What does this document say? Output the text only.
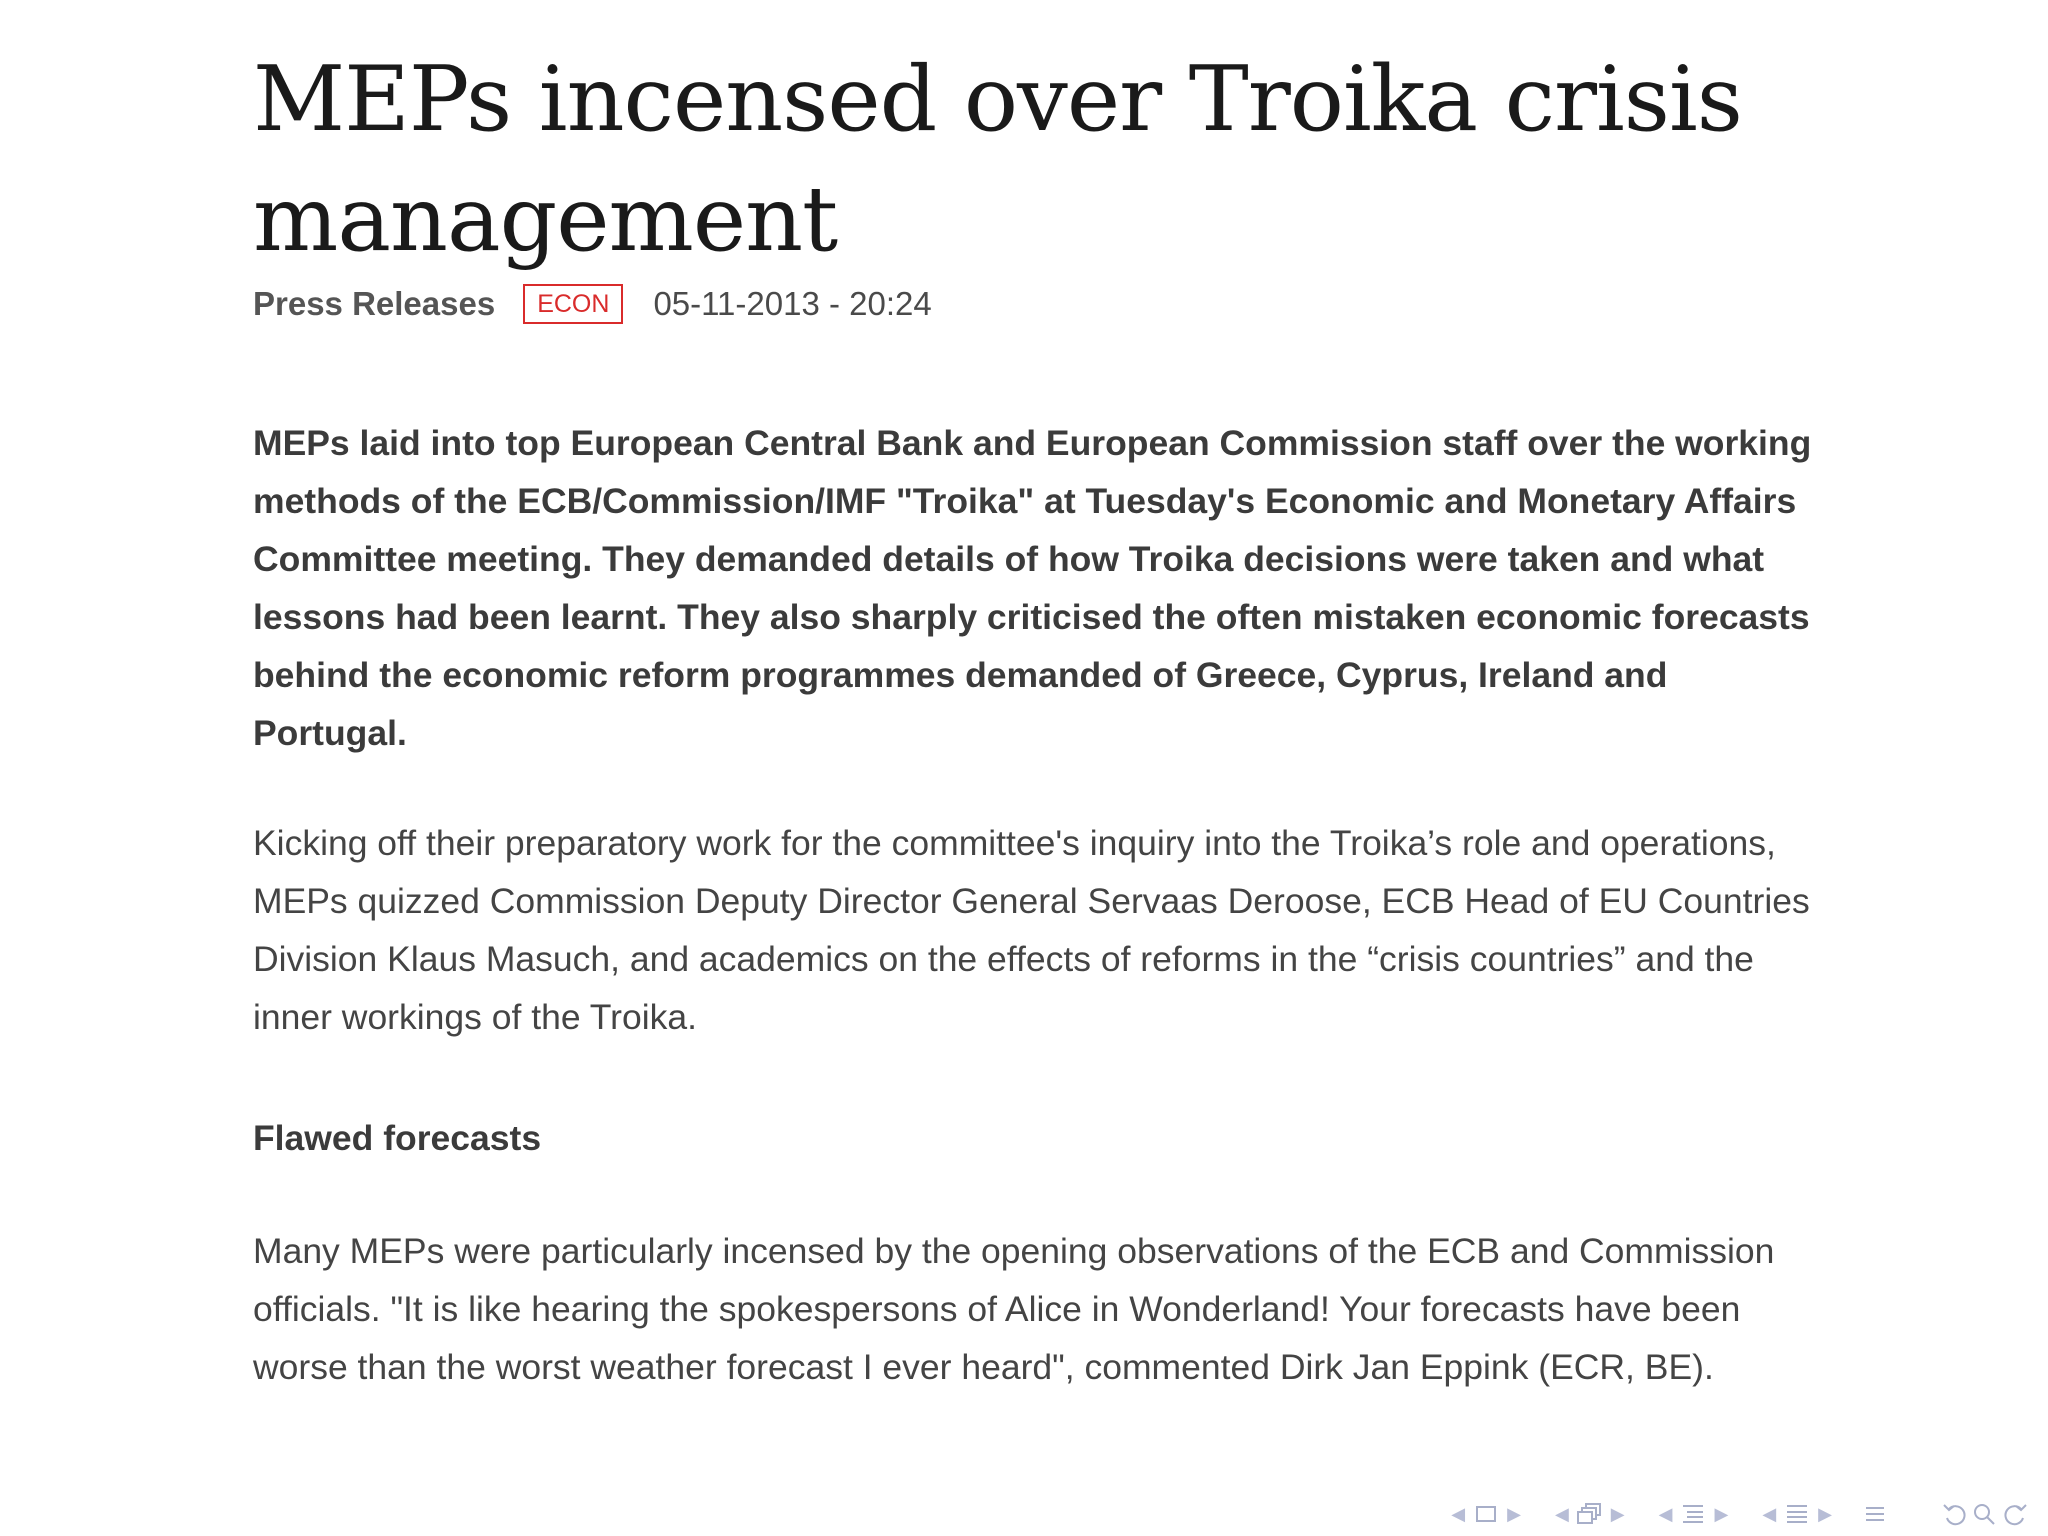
MEPs incensed over Troika crisis management
Press Releases	ECON	05-11-2013 - 20:24

MEPs laid into top European Central Bank and European Commission staff over the working methods of the ECB/Commission/IMF "Troika" at Tuesday's Economic and Monetary Affairs Committee meeting. They demanded details of how Troika decisions were taken and what lessons had been learnt. They also sharply criticised the often mistaken economic forecasts behind the economic reform programmes demanded of Greece, Cyprus, Ireland and Portugal.

Kicking off their preparatory work for the committee's inquiry into the Troika’s role and operations, MEPs quizzed Commission Deputy Director General Servaas Deroose, ECB Head of EU Countries Division Klaus Masuch, and academics on the effects of reforms in the “crisis countries” and the inner workings of the Troika.

Flawed forecasts

Many MEPs were particularly incensed by the opening observations of the ECB and Commission officials. "It is like hearing the spokespersons of Alice in Wonderland! Your forecasts have been worse than the worst weather forecast I ever heard", commented Dirk Jan Eppink (ECR, BE).

◀	▶	◀	▶	◀	▶	◀	▶
